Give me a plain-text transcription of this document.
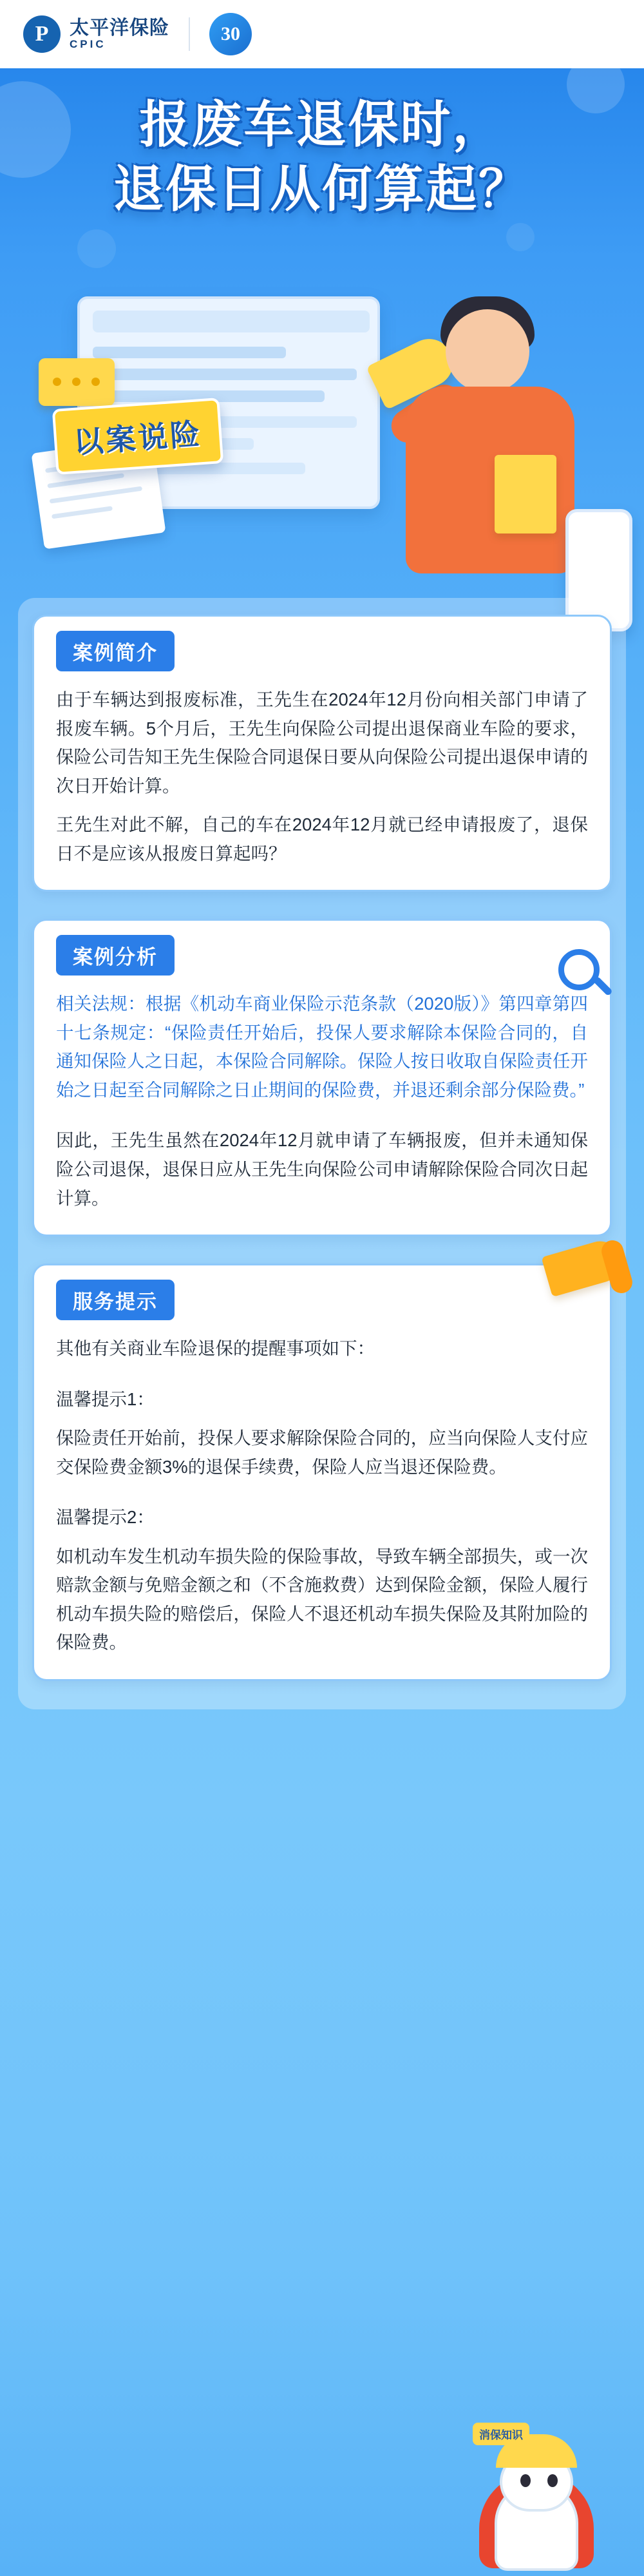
P 太平洋保险
CPIC	30
报废车退保时，
退保日从何算起？
以案说险
案例简介

由于车辆达到报废标准，王先生在2024年12月份向相关部门申请了报废车辆。5个月后，王先生向保险公司提出退保商业车险的要求，保险公司告知王先生保险合同退保日要从向保险公司提出退保申请的次日开始计算。

王先生对此不解，自己的车在2024年12月就已经申请报废了，退保日不是应该从报废日算起吗？

案例分析

相关法规：根据《机动车商业保险示范条款（2020版）》第四章第四十七条规定：“保险责任开始后，投保人要求解除本保险合同的，自通知保险人之日起，本保险合同解除。保险人按日收取自保险责任开始之日起至合同解除之日止期间的保险费，并退还剩余部分保险费。”

因此，王先生虽然在2024年12月就申请了车辆报废，但并未通知保险公司退保，退保日应从王先生向保险公司申请解除保险合同次日起计算。

服务提示

其他有关商业车险退保的提醒事项如下：

温馨提示1：

保险责任开始前，投保人要求解除保险合同的，应当向保险人支付应交保险费金额3%的退保手续费，保险人应当退还保险费。

温馨提示2：

如机动车发生机动车损失险的保险事故，导致车辆全部损失，或一次赔款金额与免赔金额之和（不含施救费）达到保险金额，保险人履行机动车损失险的赔偿后，保险人不退还机动车损失保险及其附加险的保险费。

消保知识
